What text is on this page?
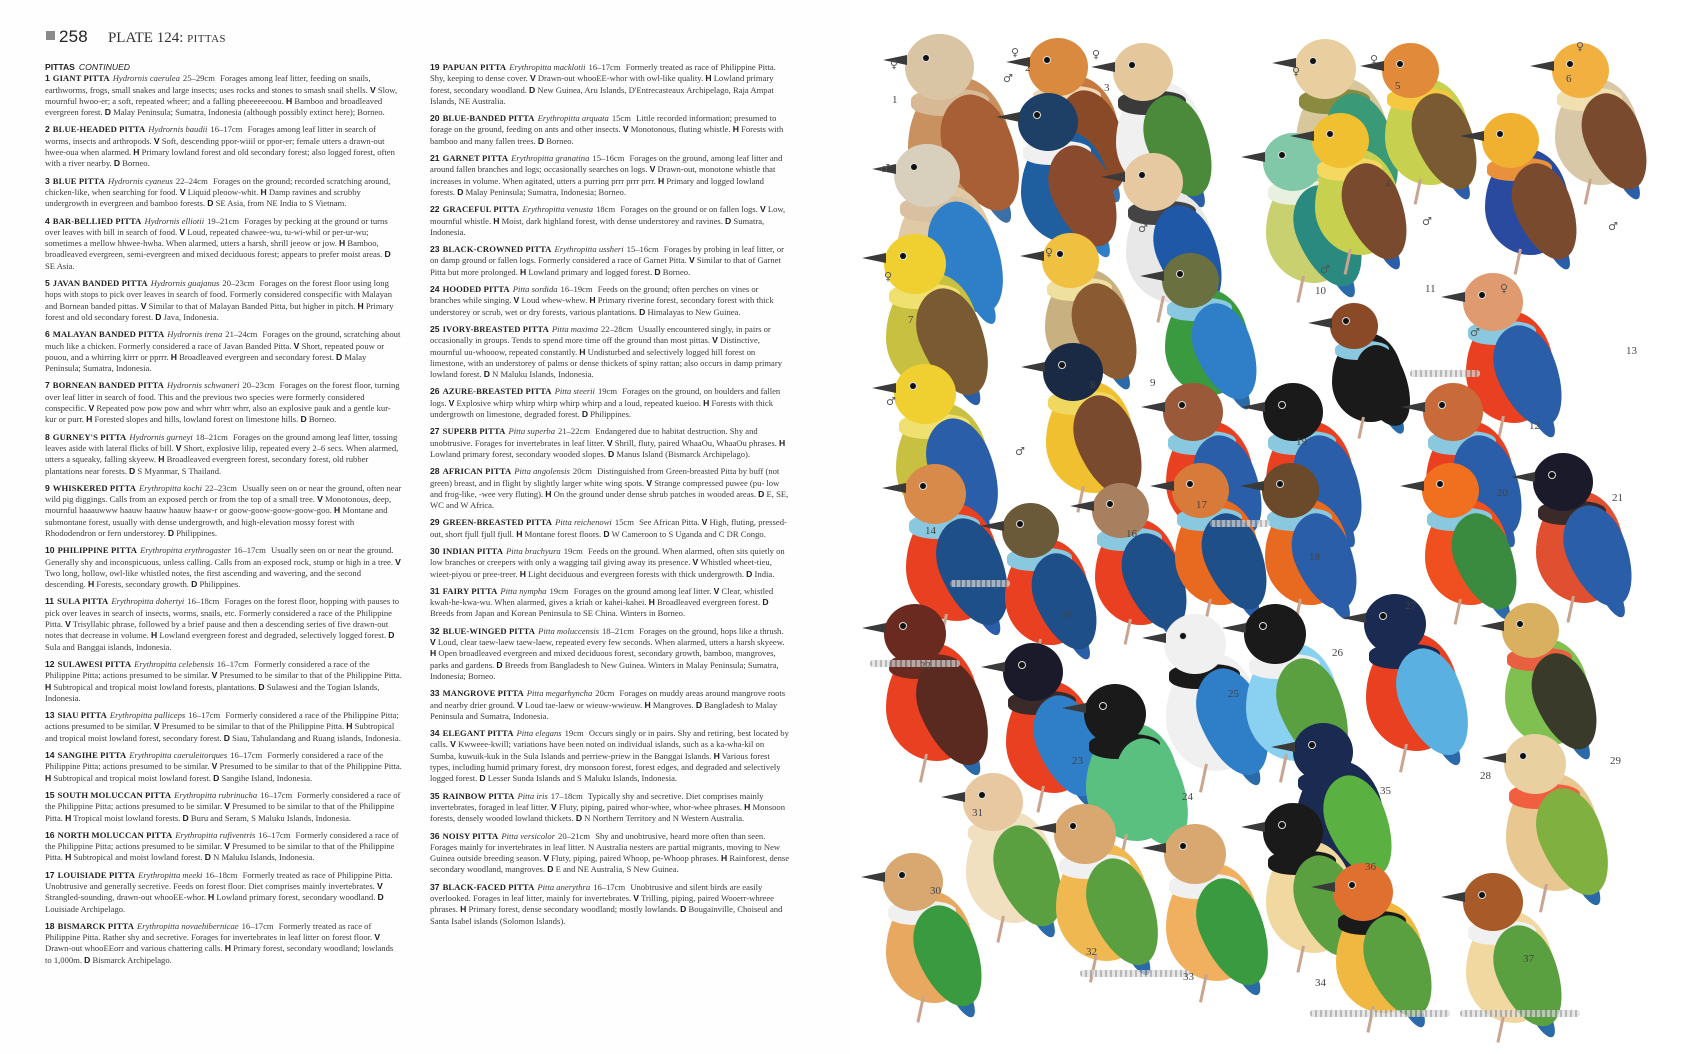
258 PLATE 124: PITTAS
PITTAS CONTINUED
1 GIANT PITTA Hydrornis caerulea 25–29cm Forages among leaf litter, feeding on snails, earthworms, frogs, small snakes and large insects; uses rocks and stones to smash snail shells. V Slow, mournful hwoo-er; a soft, repeated wheer; and a falling pheeeeeeoou. H Bamboo and broadleaved evergreen forest. D Malay Peninsula; Sumatra, Indonesia (although possibly extinct here); Borneo.
2 BLUE-HEADED PITTA Hydrornis baudii 16–17cm Forages among leaf litter in search of worms, insects and arthropods. V Soft, descending ppor-wiiil or ppor-er; female utters a drawn-out hwee-oua when alarmed. H Primary lowland forest and old secondary forest; also logged forest, often with a river nearby. D Borneo.
3 BLUE PITTA Hydrornis cyaneus 22–24cm Forages on the ground; recorded scratching around, chicken-like, when searching for food. V Liquid pleoow-whit. H Damp ravines and scrubby undergrowth in evergreen and bamboo forests. D SE Asia, from NE India to S Vietnam.
4 BAR-BELLIED PITTA Hydrornis elliotii 19–21cm Forages by pecking at the ground or turns over leaves with bill in search of food. V Loud, repeated chawee-wu, tu-wi-whil or per-ur-wu; sometimes a mellow hhwee-hwha. When alarmed, utters a harsh, shrill jeeow or jow. H Bamboo, broadleaved evergreen, semi-evergreen and mixed deciduous forest; appears to prefer moist areas. D SE Asia.
5 JAVAN BANDED PITTA Hydrornis guajanus 20–23cm Forages on the forest floor using long hops with stops to pick over leaves in search of food. Formerly considered conspecific with Malayan and Bornean banded pittas. V Similar to that of Malayan Banded Pitta, but higher in pitch. H Primary forest and old secondary forest. D Java, Indonesia.
6 MALAYAN BANDED PITTA Hydrornis irena 21–24cm Forages on the ground, scratching about much like a chicken. Formerly considered a race of Javan Banded Pitta. V Short, repeated pouw or pouou, and a whirring kirrr or pprrr. H Broadleaved evergreen and secondary forest. D Malay Peninsula; Sumatra, Indonesia.
7 BORNEAN BANDED PITTA Hydrornis schwaneri 20–23cm Forages on the forest floor, turning over leaf litter in search of food. This and the previous two species were formerly considered conspecific. V Repeated pow pow pow and whrr whrr whrr, also an explosive pauk and a gentle kur-kur or purr. H Forested slopes and hills, lowland forest on limestone hills. D Borneo.
8 GURNEY'S PITTA Hydrornis gurneyi 18–21cm Forages on the ground among leaf litter, tossing leaves aside with lateral flicks of bill. V Short, explosive lilip, repeated every 2–6 secs. When alarmed, utters a squeaky, falling skyeew. H Broadleaved evergreen forest, secondary forest, old rubber plantations near forests. D S Myanmar, S Thailand.
9 WHISKERED PITTA Erythropitta kochi 22–23cm Usually seen on or near the ground, often near wild pig diggings. Calls from an exposed perch or from the top of a small tree. V Monotonous, deep, mournful haaauwww haauw haauw haauw haaw-r or goow-goow-goow-goow-goo. H Montane and submontane forest, usually with dense undergrowth, and high-elevation mossy forest with Rhododendron or fern understorey. D Philippines.
10 PHILIPPINE PITTA Erythropitta erythrogaster 16–17cm Usually seen on or near the ground. Generally shy and inconspicuous, unless calling. Calls from an exposed rock, stump or high in a tree. V Two long, hollow, owl-like whistled notes, the first ascending and wavering, and the second descending. H Forests, secondary growth. D Philippines.
11 SULA PITTA Erythropitta dohertyi 16–18cm Forages on the forest floor, hopping with pauses to pick over leaves in search of insects, worms, snails, etc. Formerly considered a race of the Philippine Pitta. V Trisyllabic phrase, followed by a brief pause and then a descending series of five drawn-out notes that decrease in volume. H Lowland evergreen forest and degraded, selectively logged forest. D Sula and Banggai islands, Indonesia.
12 SULAWESI PITTA Erythropitta celebensis 16–17cm Formerly considered a race of the Philippine Pitta; actions presumed to be similar. V Presumed to be similar to that of the Philippine Pitta. H Subtropical and tropical moist lowland forests, plantations. D Sulawesi and the Togian Islands, Indonesia.
13 SIAU PITTA Erythropitta palliceps 16–17cm Formerly considered a race of the Philippine Pitta; actions presumed to be similar. V Presumed to be similar to that of the Philippine Pitta. H Subtropical and tropical moist lowland forest, secondary forest. D Siau, Tahulandang and Ruang islands, Indonesia.
14 SANGIHE PITTA Erythropitta caeruleitorques 16–17cm Formerly considered a race of the Philippine Pitta; actions presumed to be similar. V Presumed to be similar to that of the Philippine Pitta. H Subtropical and tropical moist lowland forest. D Sangihe Island, Indonesia.
15 SOUTH MOLUCCAN PITTA Erythropitta rubrinucha 16–17cm Formerly considered a race of the Philippine Pitta; actions presumed to be similar. V Presumed to be similar to that of the Philippine Pitta. H Tropical moist lowland forests. D Buru and Seram, S Maluku Islands, Indonesia.
16 NORTH MOLUCCAN PITTA Erythropitta rufiventris 16–17cm Formerly considered a race of the Philippine Pitta; actions presumed to be similar. V Presumed to be similar to that of the Philippine Pitta. H Subtropical and moist lowland forest. D N Maluku Islands, Indonesia.
17 LOUISIADE PITTA Erythropitta meeki 16–18cm Formerly treated as race of Philippine Pitta. Unobtrusive and generally secretive. Feeds on forest floor. Diet comprises mainly invertebrates. V Strangled-sounding, drawn-out whooEE-whor. H Lowland primary forest, secondary woodland. D Louisiade Archipelago.
18 BISMARCK PITTA Erythropitta novaehibernicae 16–17cm Formerly treated as race of Philippine Pitta. Rather shy and secretive. Forages for invertebrates in leaf litter on forest floor. V Drawn-out whooEEorr and various chattering calls. H Primary forest, secondary woodland; lowlands to 1,000m. D Bismarck Archipelago.
19 PAPUAN PITTA Erythropitta macklotii 16–17cm Formerly treated as race of Philippine Pitta. Shy, keeping to dense cover. V Drawn-out whooEE-whor with owl-like quality. H Lowland primary forest, secondary woodland. D New Guinea, Aru Islands, D'Entrecasteaux Archipelago, Raja Ampat Islands, NE Australia.
20 BLUE-BANDED PITTA Erythropitta arquata 15cm Little recorded information; presumed to forage on the ground, feeding on ants and other insects. V Monotonous, fluting whistle. H Forests with bamboo and many fallen trees. D Borneo.
21 GARNET PITTA Erythropitta granatina 15–16cm Forages on the ground, among leaf litter and around fallen branches and logs; occasionally searches on logs. V Drawn-out, monotone whistle that increases in volume. When agitated, utters a purring prrr prrr prrr. H Primary and logged lowland forests. D Malay Peninsula; Sumatra, Indonesia; Borneo.
22 GRACEFUL PITTA Erythropitta venusta 18cm Forages on the ground or on fallen logs. V Low, mournful whistle. H Moist, dark highland forest, with dense understorey and ravines. D Sumatra, Indonesia.
23 BLACK-CROWNED PITTA Erythropitta ussheri 15–16cm Forages by probing in leaf litter, or on damp ground or fallen logs. Formerly considered a race of Garnet Pitta. V Similar to that of Garnet Pitta but more prolonged. H Lowland primary and logged forest. D Borneo.
24 HOODED PITTA Pitta sordida 16–19cm Feeds on the ground; often perches on vines or branches while singing. V Loud whew-whew. H Primary riverine forest, secondary forest with thick understorey or scrub, wet or dry forests, various plantations. D Himalayas to New Guinea.
25 IVORY-BREASTED PITTA Pitta maxima 22–28cm Usually encountered singly, in pairs or occasionally in groups. Tends to spend more time off the ground than most pittas. V Distinctive, mournful uu-whooow, repeated constantly. H Undisturbed and selectively logged hill forest on limestone, with an understorey of palms or dense thickets of spiny rattan; also occurs in damp primary lowland forest. D N Maluku Islands, Indonesia.
26 AZURE-BREASTED PITTA Pitta steerii 19cm Forages on the ground, on boulders and fallen logs. V Explosive whirp whirp whirp whirp whirp and a loud, repeated kueioo. H Forests with thick undergrowth on limestone, degraded forest. D Philippines.
27 SUPERB PITTA Pitta superba 21–22cm Endangered due to habitat destruction. Shy and unobtrusive. Forages for invertebrates in leaf litter. V Shrill, fluty, paired WhaaOu, WhaaOu phrases. H Lowland primary forest, secondary wooded slopes. D Manus Island (Bismarck Archipelago).
28 AFRICAN PITTA Pitta angolensis 20cm Distinguished from Green-breasted Pitta by buff (not green) breast, and in flight by slightly larger white wing spots. V Strange compressed puwee (pu- low and frog-like, -wee very fluting). H On the ground under dense shrub patches in wooded areas. D E, SE, WC and W Africa.
29 GREEN-BREASTED PITTA Pitta reichenowi 15cm See African Pitta. V High, fluting, pressed-out, short fjull fjull fjull. H Montane forest floors. D W Cameroon to S Uganda and C DR Congo.
30 INDIAN PITTA Pitta brachyura 19cm Feeds on the ground. When alarmed, often sits quietly on low branches or creepers with only a wagging tail giving away its presence. V Whistled wheet-tieu, wieet-piyou or pree-treer. H Light deciduous and evergreen forests with thick undergrowth. D India.
31 FAIRY PITTA Pitta nympha 19cm Forages on the ground among leaf litter. V Clear, whistled kwah-he-kwa-wu. When alarmed, gives a kriah or kahei-kahei. H Broadleaved evergreen forest. D Breeds from Japan and Korean Peninsula to SE China. Winters in Borneo.
32 BLUE-WINGED PITTA Pitta moluccensis 18–21cm Forages on the ground, hops like a thrush. V Loud, clear taew-laew taew-laew, repeated every few seconds. When alarmed, utters a harsh skyeew. H Open broadleaved evergreen and mixed deciduous forest, secondary growth, bamboo, mangroves, parks and gardens. D Breeds from Bangladesh to New Guinea. Winters in Malay Peninsula; Sumatra, Indonesia; Borneo.
33 MANGROVE PITTA Pitta megarhyncha 20cm Forages on muddy areas around mangrove roots and nearby drier ground. V Loud tae-laew or wieuw-wwieuw. H Mangroves. D Bangladesh to Malay Peninsula and Sumatra, Indonesia.
34 ELEGANT PITTA Pitta elegans 19cm Occurs singly or in pairs. Shy and retiring, best located by calls. V Kwweee-kwill; variations have been noted on individual islands, such as a ka-wha-kil on Sumba, kuwuik-kuk in the Sula Islands and perriew-priew in the Banggai Islands. H Various forest types, including humid primary forest, dry monsoon forest, forest edges, and degraded and selectively logged forest. D Lesser Sunda Islands and S Maluku Islands, Indonesia.
35 RAINBOW PITTA Pitta iris 17–18cm Typically shy and secretive. Diet comprises mainly invertebrates, foraged in leaf litter. V Fluty, piping, paired whor-whee, whor-whee phrases. H Monsoon forests, densely wooded lowland thickets. D N Northern Territory and N Western Australia.
36 NOISY PITTA Pitta versicolor 20–21cm Shy and unobtrusive, heard more often than seen. Forages mainly for invertebrates in leaf litter. N Australia nesters are partial migrants, moving to New Guinea outside breeding season. V Fluty, piping, paired Whoop, pe-Whoop phrases. H Rainforest, dense secondary woodland, mangroves. D E and NE Australia, S New Guinea.
37 BLACK-FACED PITTA Pitta anerythra 16–17cm Unobtrusive and silent birds are easily overlooked. Forages in leaf litter, mainly for invertebrates. V Trilling, piping, paired Wooerr-whreee phrases. H Primary forest, dense secondary woodland; mostly lowlands. D Bougainville, Choiseul and Santa Isabel islands (Solomon Islands).
1
2
3
4
5
6
7
8	9
10	11
12
13
14
15
16
17
18
19
20	21
22
23
24
25
26
27
28
29
30
31
32
33	34
35
36
37
♀
♂
♀
♂
♀
♂
♀
♀
♀
♂
♂
♂
♀
♂
♀
♀
♂
♂
